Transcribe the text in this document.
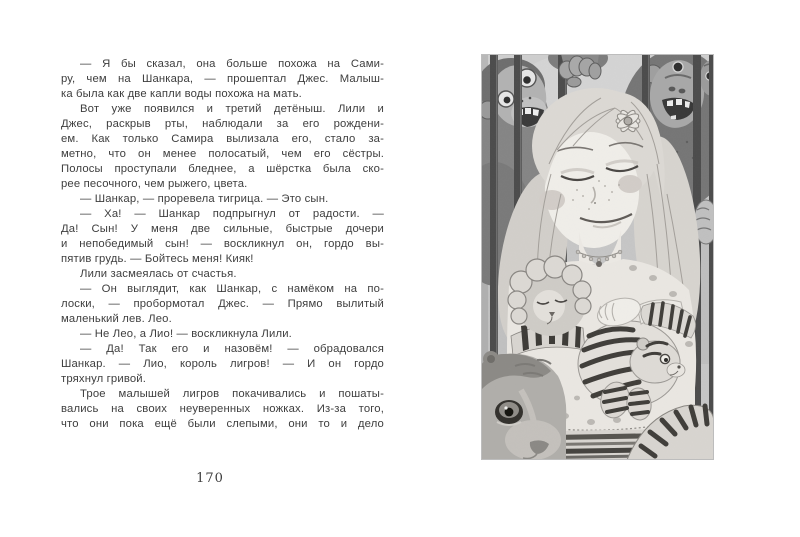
— Я бы сказал, она больше похожа на Сами-
ру, чем на Шанкара, — прошептал Джес. Малыш-
ка была как две капли воды похожа на мать.
Вот уже появился и третий детёныш. Лили и
Джес, раскрыв рты, наблюдали за его рождени-
ем. Как только Самира вылизала его, стало за-
метно, что он менее полосатый, чем его сёстры.
Полосы проступали бледнее, а шёрстка была ско-
рее песочного, чем рыжего, цвета.
— Шанкар, — проревела тигрица. — Это сын.
— Ха! — Шанкар подпрыгнул от радости. —
Да! Сын! У меня две сильные, быстрые дочери
и непобедимый сын! — воскликнул он, гордо вы-
пятив грудь. — Бойтесь меня! Кияк!
Лили засмеялась от счастья.
— Он выглядит, как Шанкар, с намёком на по-
лоски, — пробормотал Джес. — Прямо вылитый
маленький лев. Лео.
— Не Лео, а Лио! — воскликнула Лили.
— Да! Так его и назовём! — обрадовался
Шанкар. — Лио, король лигров! — И он гордо
тряхнул гривой.
Трое малышей лигров покачивались и пошаты-
вались на своих неуверенных ножках. Из-за того,
что они пока ещё были слепыми, они то и дело
170
